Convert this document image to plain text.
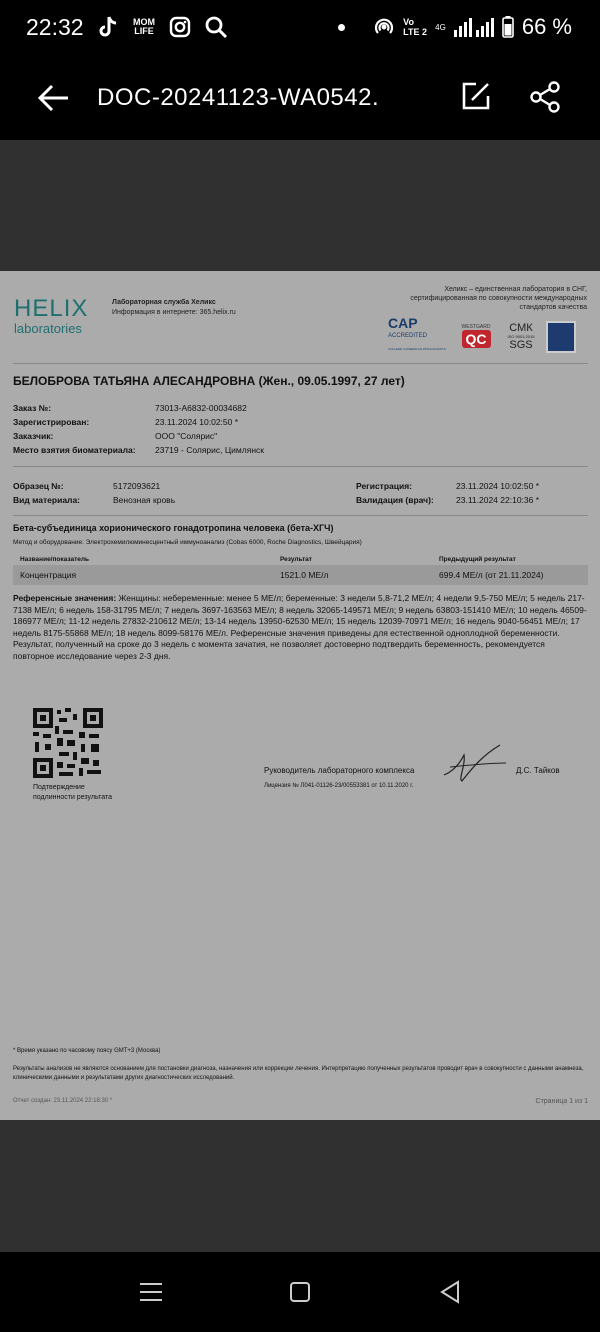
22:32	MOM LIFE
Vo LTE 2 4G	66 %
DOC-20241123-WA0542.
HELIX
laboratories
Лабораторная служба Хеликс
Информация в интернете: 365.helix.ru
Хеликс – единственная лаборатория в СНГ, сертифицированная по совокупности международных стандартов качества
CAP
ACCREDITED
COLLEGE of AMERICAN PATHOLOGISTS
WESTGARD
QC
СМК
ISO 9001:2015
SGS
БЕЛОБРОВА ТАТЬЯНА АЛЕСАНДРОВНА (Жен., 09.05.1997, 27 лет)
Заказ №:	73013-A6832-00034682
Зарегистрирован:	23.11.2024 10:02:50 *
Заказчик:	ООО "Солярис"
Место взятия биоматериала: 23719 - Солярис, Цимлянск
Образец №:	5172093621
Вид материала:	Венозная кровь
Регистрация:	23.11.2024 10:02:50 *
Валидация (врач):	23.11.2024 22:10:36 *
Бета-субъединица хорионического гонадотропина человека (бета-ХГЧ)
Метод и оборудование: Электрохемилюминесцентный иммуноанализ (Cobas 6000, Roche Diagnostics, Швейцария)
Название/показатель	Результат	Предыдущий результат
Концентрация	1521.0 МЕ/л	699.4 МЕ/л (от 21.11.2024)
Референсные значения: Женщины: небеременные: менее 5 МЕ/л; беременные: 3 недели 5,8-71,2 МЕ/л; 4 недели 9,5-750 МЕ/л; 5 недель 217-7138 МЕ/л; 6 недель 158-31795 МЕ/л; 7 недель 3697-163563 МЕ/л; 8 недель 32065-149571 МЕ/л; 9 недель 63803-151410 МЕ/л; 10 недель 46509-186977 МЕ/л; 11-12 недель 27832-210612 МЕ/л; 13-14 недель 13950-62530 МЕ/л; 15 недель 12039-70971 МЕ/л; 16 недель 9040-56451 МЕ/л; 17 недель 8175-55868 МЕ/л; 18 недель 8099-58176 МЕ/л. Референсные значения приведены для естественной одноплодной беременности. Результат, полученный на сроке до 3 недель с момента зачатия, не позволяет достоверно подтвердить беременность, рекомендуется повторное исследование через 2-3 дня.
Подтверждение
подлинности результата
Руководитель лабораторного комплекса
Лицензия № Л041-01126-23/00553381 от 10.11.2020 г.
Д.С. Тайков
* Время указано по часовому поясу GMT+3 (Москва)
Результаты анализов не являются основанием для постановки диагноза, назначения или коррекции лечения. Интерпретацию полученных результатов проводит врач в совокупности с данными анамнеза, клиническими данными и результатами других диагностических исследований.
Отчет создан: 23.11.2024 22:18:30 *	Страница 1 из 1
